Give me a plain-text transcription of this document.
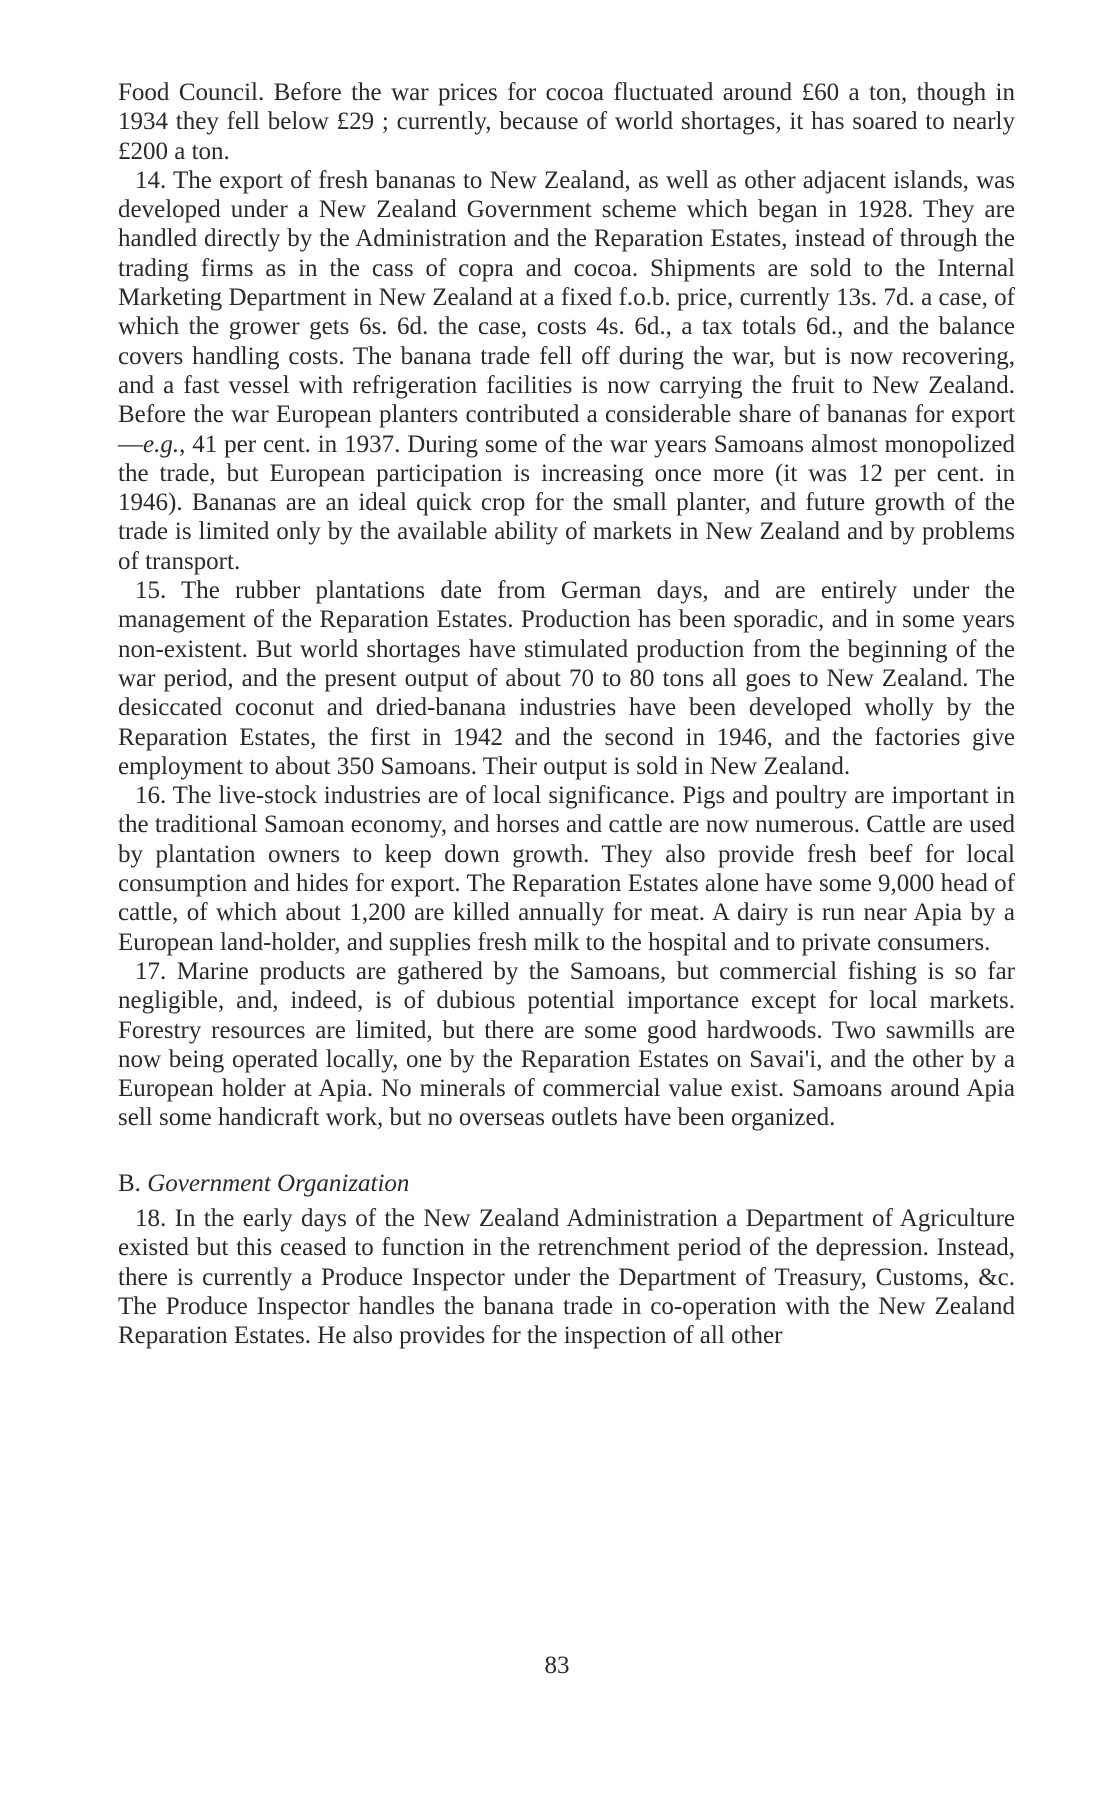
Food Council. Before the war prices for cocoa fluctuated around £60 a ton, though in 1934 they fell below £29 ; currently, because of world shortages, it has soared to nearly £200 a ton.

14. The export of fresh bananas to New Zealand, as well as other adjacent islands, was developed under a New Zealand Government scheme which began in 1928. They are handled directly by the Administration and the Reparation Estates, instead of through the trading firms as in the cass of copra and cocoa. Shipments are sold to the Internal Marketing Department in New Zealand at a fixed f.o.b. price, currently 13s. 7d. a case, of which the grower gets 6s. 6d. the case, costs 4s. 6d., a tax totals 6d., and the balance covers handling costs. The banana trade fell off during the war, but is now recovering, and a fast vessel with refrigeration facilities is now carrying the fruit to New Zealand. Before the war European planters contributed a considerable share of bananas for export—e.g., 41 per cent. in 1937. During some of the war years Samoans almost monopolized the trade, but European participation is increasing once more (it was 12 per cent. in 1946). Bananas are an ideal quick crop for the small planter, and future growth of the trade is limited only by the available ability of markets in New Zealand and by problems of transport.

15. The rubber plantations date from German days, and are entirely under the management of the Reparation Estates. Production has been sporadic, and in some years non-existent. But world shortages have stimulated production from the beginning of the war period, and the present output of about 70 to 80 tons all goes to New Zealand. The desiccated coconut and dried-banana industries have been developed wholly by the Reparation Estates, the first in 1942 and the second in 1946, and the factories give employment to about 350 Samoans. Their output is sold in New Zealand.

16. The live-stock industries are of local significance. Pigs and poultry are important in the traditional Samoan economy, and horses and cattle are now numerous. Cattle are used by plantation owners to keep down growth. They also provide fresh beef for local consumption and hides for export. The Reparation Estates alone have some 9,000 head of cattle, of which about 1,200 are killed annually for meat. A dairy is run near Apia by a European land-holder, and supplies fresh milk to the hospital and to private consumers.

17. Marine products are gathered by the Samoans, but commercial fishing is so far negligible, and, indeed, is of dubious potential importance except for local markets. Forestry resources are limited, but there are some good hardwoods. Two sawmills are now being operated locally, one by the Reparation Estates on Savai'i, and the other by a European holder at Apia. No minerals of commercial value exist. Samoans around Apia sell some handicraft work, but no overseas outlets have been organized.

B. Government Organization

18. In the early days of the New Zealand Administration a Department of Agriculture existed but this ceased to function in the retrenchment period of the depression. Instead, there is currently a Produce Inspector under the Department of Treasury, Customs, &c. The Produce Inspector handles the banana trade in co-operation with the New Zealand Reparation Estates. He also provides for the inspection of all other

83
